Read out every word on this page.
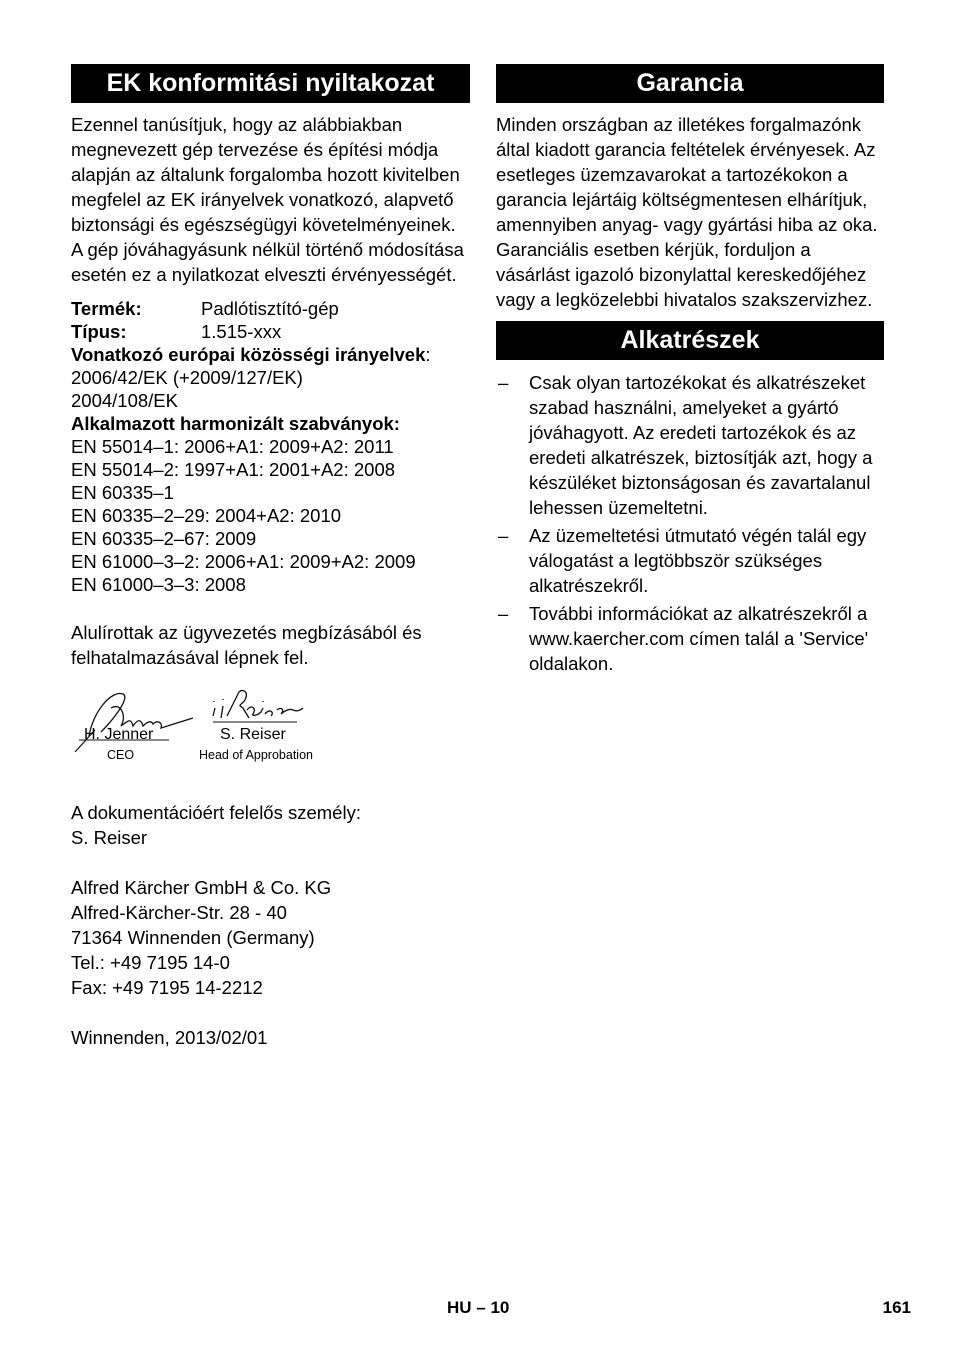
EK konformitási nyiltakozat

Ezennel tanúsítjuk, hogy az alábbiakban megnevezett gép tervezése és építési módja alapján az általunk forgalomba hozott kivitelben megfelel az EK irányelvek vonatkozó, alapvető biztonsági és egészségügyi követelményeinek. A gép jóváhagyásunk nélkül történő módosítása esetén ez a nyilatkozat elveszti érvényességét.

Termék:	Padlótisztító-gép
Típus:	1.515-xxx
Vonatkozó európai közösségi irányelvek:
2006/42/EK (+2009/127/EK)
2004/108/EK
Alkalmazott harmonizált szabványok:
EN 55014–1: 2006+A1: 2009+A2: 2011
EN 55014–2: 1997+A1: 2001+A2: 2008
EN 60335–1
EN 60335–2–29: 2004+A2: 2010
EN 60335–2–67: 2009
EN 61000–3–2: 2006+A1: 2009+A2: 2009
EN 61000–3–3: 2008

Alulírottak az ügyvezetés megbízásából és felhatalmazásával lépnek fel.

H. Jenner
CEO
S. Reiser
Head of Approbation
A dokumentációért felelős személy:
S. Reiser
Alfred Kärcher GmbH & Co. KG
Alfred-Kärcher-Str. 28 - 40
71364 Winnenden (Germany)
Tel.: +49 7195 14-0
Fax: +49 7195 14-2212
Winnenden, 2013/02/01
Garancia

Minden országban az illetékes forgalmazónk által kiadott garancia feltételek érvényesek. Az esetleges üzemzavarokat a tartozékokon a garancia lejártáig költségmentesen elhárítjuk, amennyiben anyag- vagy gyártási hiba az oka. Garanciális esetben kérjük, forduljon a vásárlást igazoló bizonylattal kereskedőjéhez vagy a legközelebbi hivatalos szakszervizhez.

Alkatrészek
– Csak olyan tartozékokat és alkatrészeket szabad használni, amelyeket a gyártó jóváhagyott. Az eredeti tartozékok és az eredeti alkatrészek, biztosítják azt, hogy a készüléket biztonságosan és zavartalanul lehessen üzemeltetni.
– Az üzemeltetési útmutató végén talál egy válogatást a legtöbbször szükséges alkatrészekről.
– További információkat az alkatrészekről a www.kaercher.com címen talál a 'Service' oldalakon.
HU – 10	161
